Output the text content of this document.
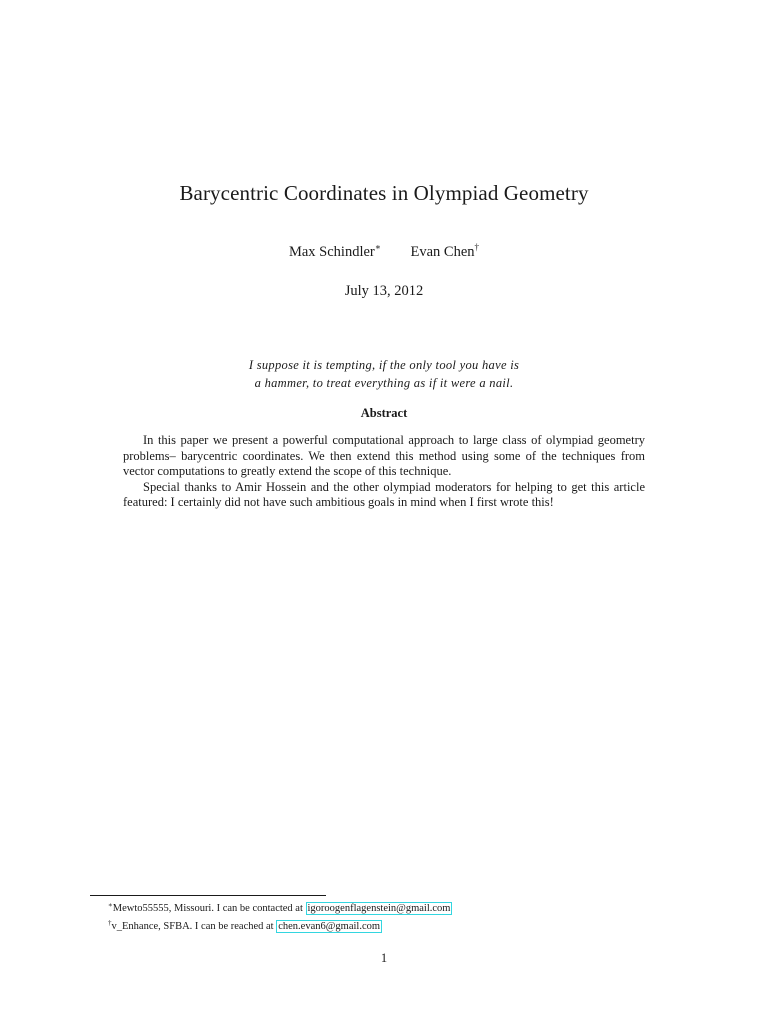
Barycentric Coordinates in Olympiad Geometry
Max Schindler∗ Evan Chen†
July 13, 2012
I suppose it is tempting, if the only tool you have is
a hammer, to treat everything as if it were a nail.
Abstract

In this paper we present a powerful computational approach to large class of olympiad geometry problems– barycentric coordinates. We then extend this method using some of the techniques from vector computations to greatly extend the scope of this technique.

Special thanks to Amir Hossein and the other olympiad moderators for helping to get this article featured: I certainly did not have such ambitious goals in mind when I first wrote this!

∗Mewto55555, Missouri. I can be contacted at igoroogenflagenstein@gmail.com
†v_Enhance, SFBA. I can be reached at chen.evan6@gmail.com
1
